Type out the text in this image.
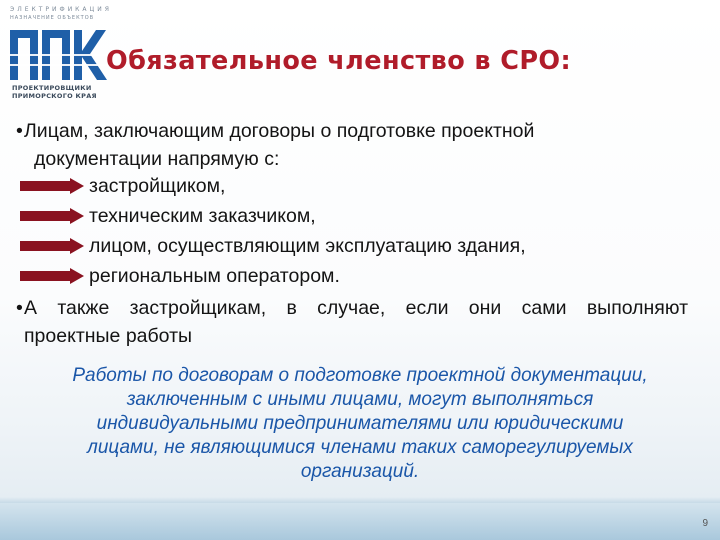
ЭЛЕКТРИФИКАЦИЯ
НАЗНАЧЕНИЕ ОБЪЕКТОВ
ПРОЕКТИРОВЩИКИ
ПРИМОРСКОГО КРАЯ
Обязательное членство в СРО:
•Лицам, заключающим договоры о подготовке проектной
документации напрямую с:
застройщиком,
техническим заказчиком,
лицом, осуществляющим эксплуатацию здания,
региональным оператором.
•А также застройщикам, в случае, если они сами выполняют
проектные работы
Работы по договорам о подготовке проектной документации,
заключенным с иными лицами, могут выполняться
индивидуальными предпринимателями или юридическими
лицами, не являющимися членами таких саморегулируемых
организаций.
9
